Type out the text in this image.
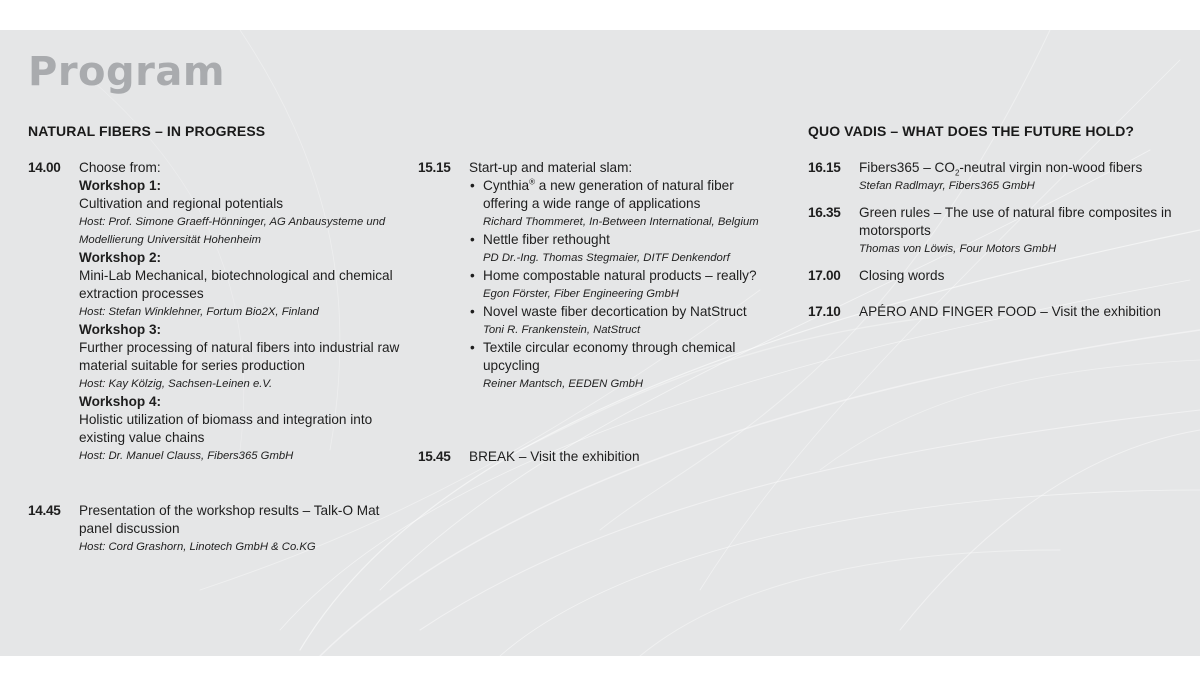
Program
NATURAL FIBERS – IN PROGRESS
14.00 Choose from:
Workshop 1:
Cultivation and regional potentials
Host: Prof. Simone Graeff-Hönninger, AG Anbausysteme und Modellierung Universität Hohenheim
Workshop 2:
Mini-Lab Mechanical, biotechnological and chemical extraction processes
Host: Stefan Winklehner, Fortum Bio2X, Finland
Workshop 3:
Further processing of natural fibers into industrial raw material suitable for series production
Host: Kay Kölzig, Sachsen-Leinen e.V.
Workshop 4:
Holistic utilization of biomass and integration into existing value chains
Host: Dr. Manuel Clauss, Fibers365 GmbH
14.45 Presentation of the workshop results – Talk-O Mat panel discussion
Host: Cord Grashorn, Linotech GmbH & Co.KG
15.15 Start-up and material slam:
• Cynthia® a new generation of natural fiber offering a wide range of applications
Richard Thommeret, In-Between International, Belgium
• Nettle fiber rethought
PD Dr.-Ing. Thomas Stegmaier, DITF Denkendorf
• Home compostable natural products – really?
Egon Förster, Fiber Engineering GmbH
• Novel waste fiber decortication by NatStruct
Toni R. Frankenstein, NatStruct
• Textile circular economy through chemical upcycling
Reiner Mantsch, EEDEN GmbH
15.45 BREAK – Visit the exhibition
QUO VADIS – WHAT DOES THE FUTURE HOLD?
16.15 Fibers365 – $CO_2$-neutral virgin non-wood fibers
Stefan Radlmayr, Fibers365 GmbH
16.35 Green rules – The use of natural fibre composites in motorsports
Thomas von Löwis, Four Motors GmbH
17.00 Closing words
17.10 APÉRO AND FINGER FOOD – Visit the exhibition
